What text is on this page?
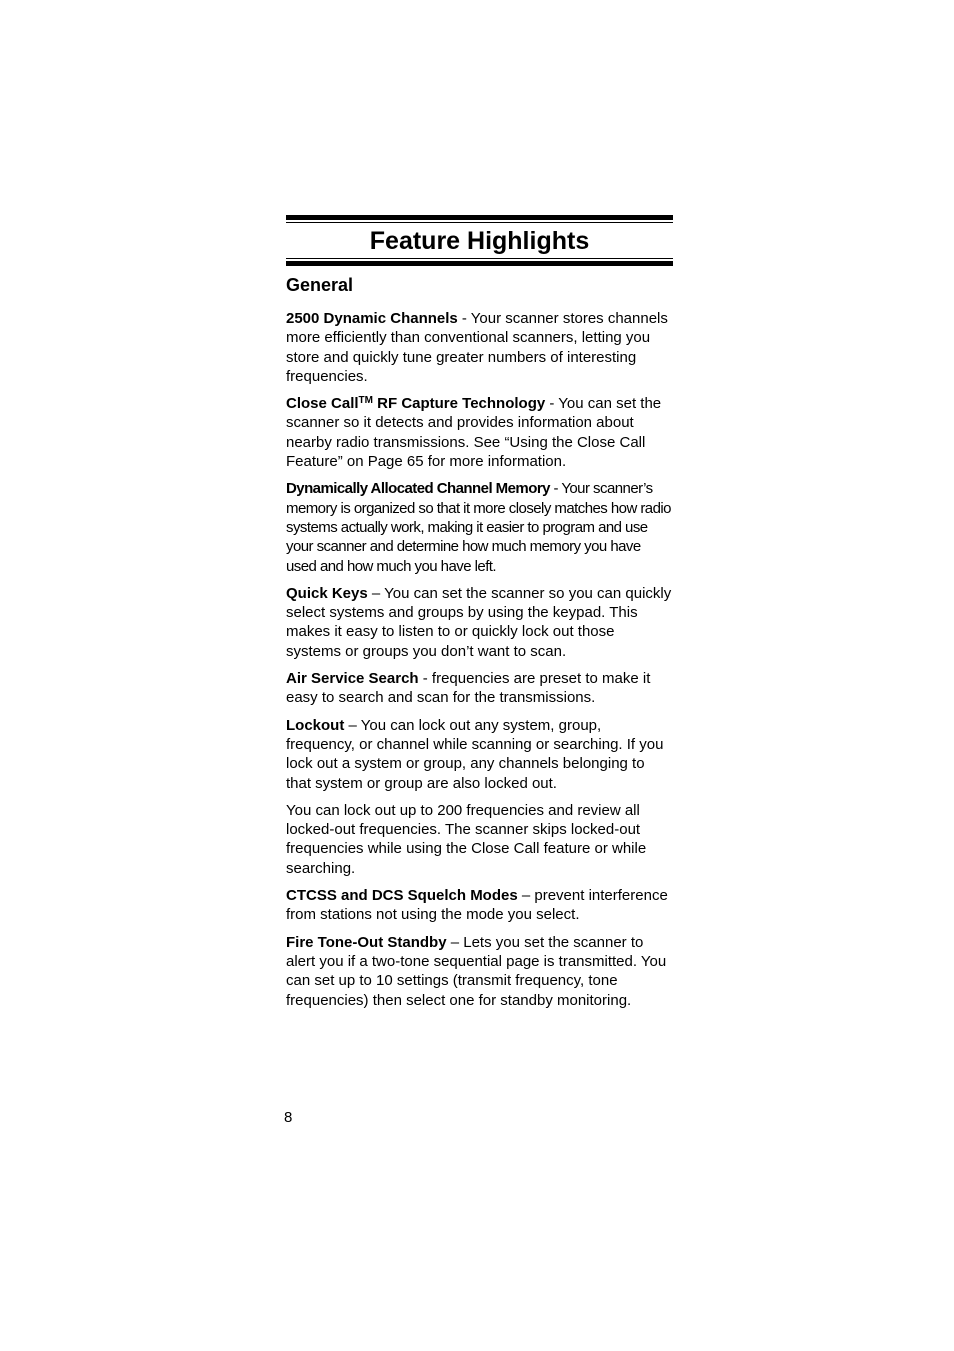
Feature Highlights
General

2500 Dynamic Channels - Your scanner stores channels more efficiently than conventional scanners, letting you store and quickly tune greater numbers of interesting frequencies.

Close Call™ RF Capture Technology - You can set the scanner so it detects and provides information about nearby radio transmissions. See “Using the Close Call Feature” on Page 65 for more information.

Dynamically Allocated Channel Memory - Your scanner’s memory is organized so that it more closely matches how radio systems actually work, making it easier to program and use your scanner and determine how much memory you have used and how much you have left.

Quick Keys – You can set the scanner so you can quickly select systems and groups by using the keypad. This makes it easy to listen to or quickly lock out those systems or groups you don’t want to scan.

Air Service Search - frequencies are preset to make it easy to search and scan for the transmissions.

Lockout – You can lock out any system, group, frequency, or channel while scanning or searching. If you lock out a system or group, any channels belonging to that system or group are also locked out.

You can lock out up to 200 frequencies and review all locked-out frequencies. The scanner skips locked-out frequencies while using the Close Call feature or while searching.

CTCSS and DCS Squelch Modes – prevent interference from stations not using the mode you select.

Fire Tone-Out Standby – Lets you set the scanner to alert you if a two-tone sequential page is transmitted. You can set up to 10 settings (transmit frequency, tone frequencies) then select one for standby monitoring.

8
